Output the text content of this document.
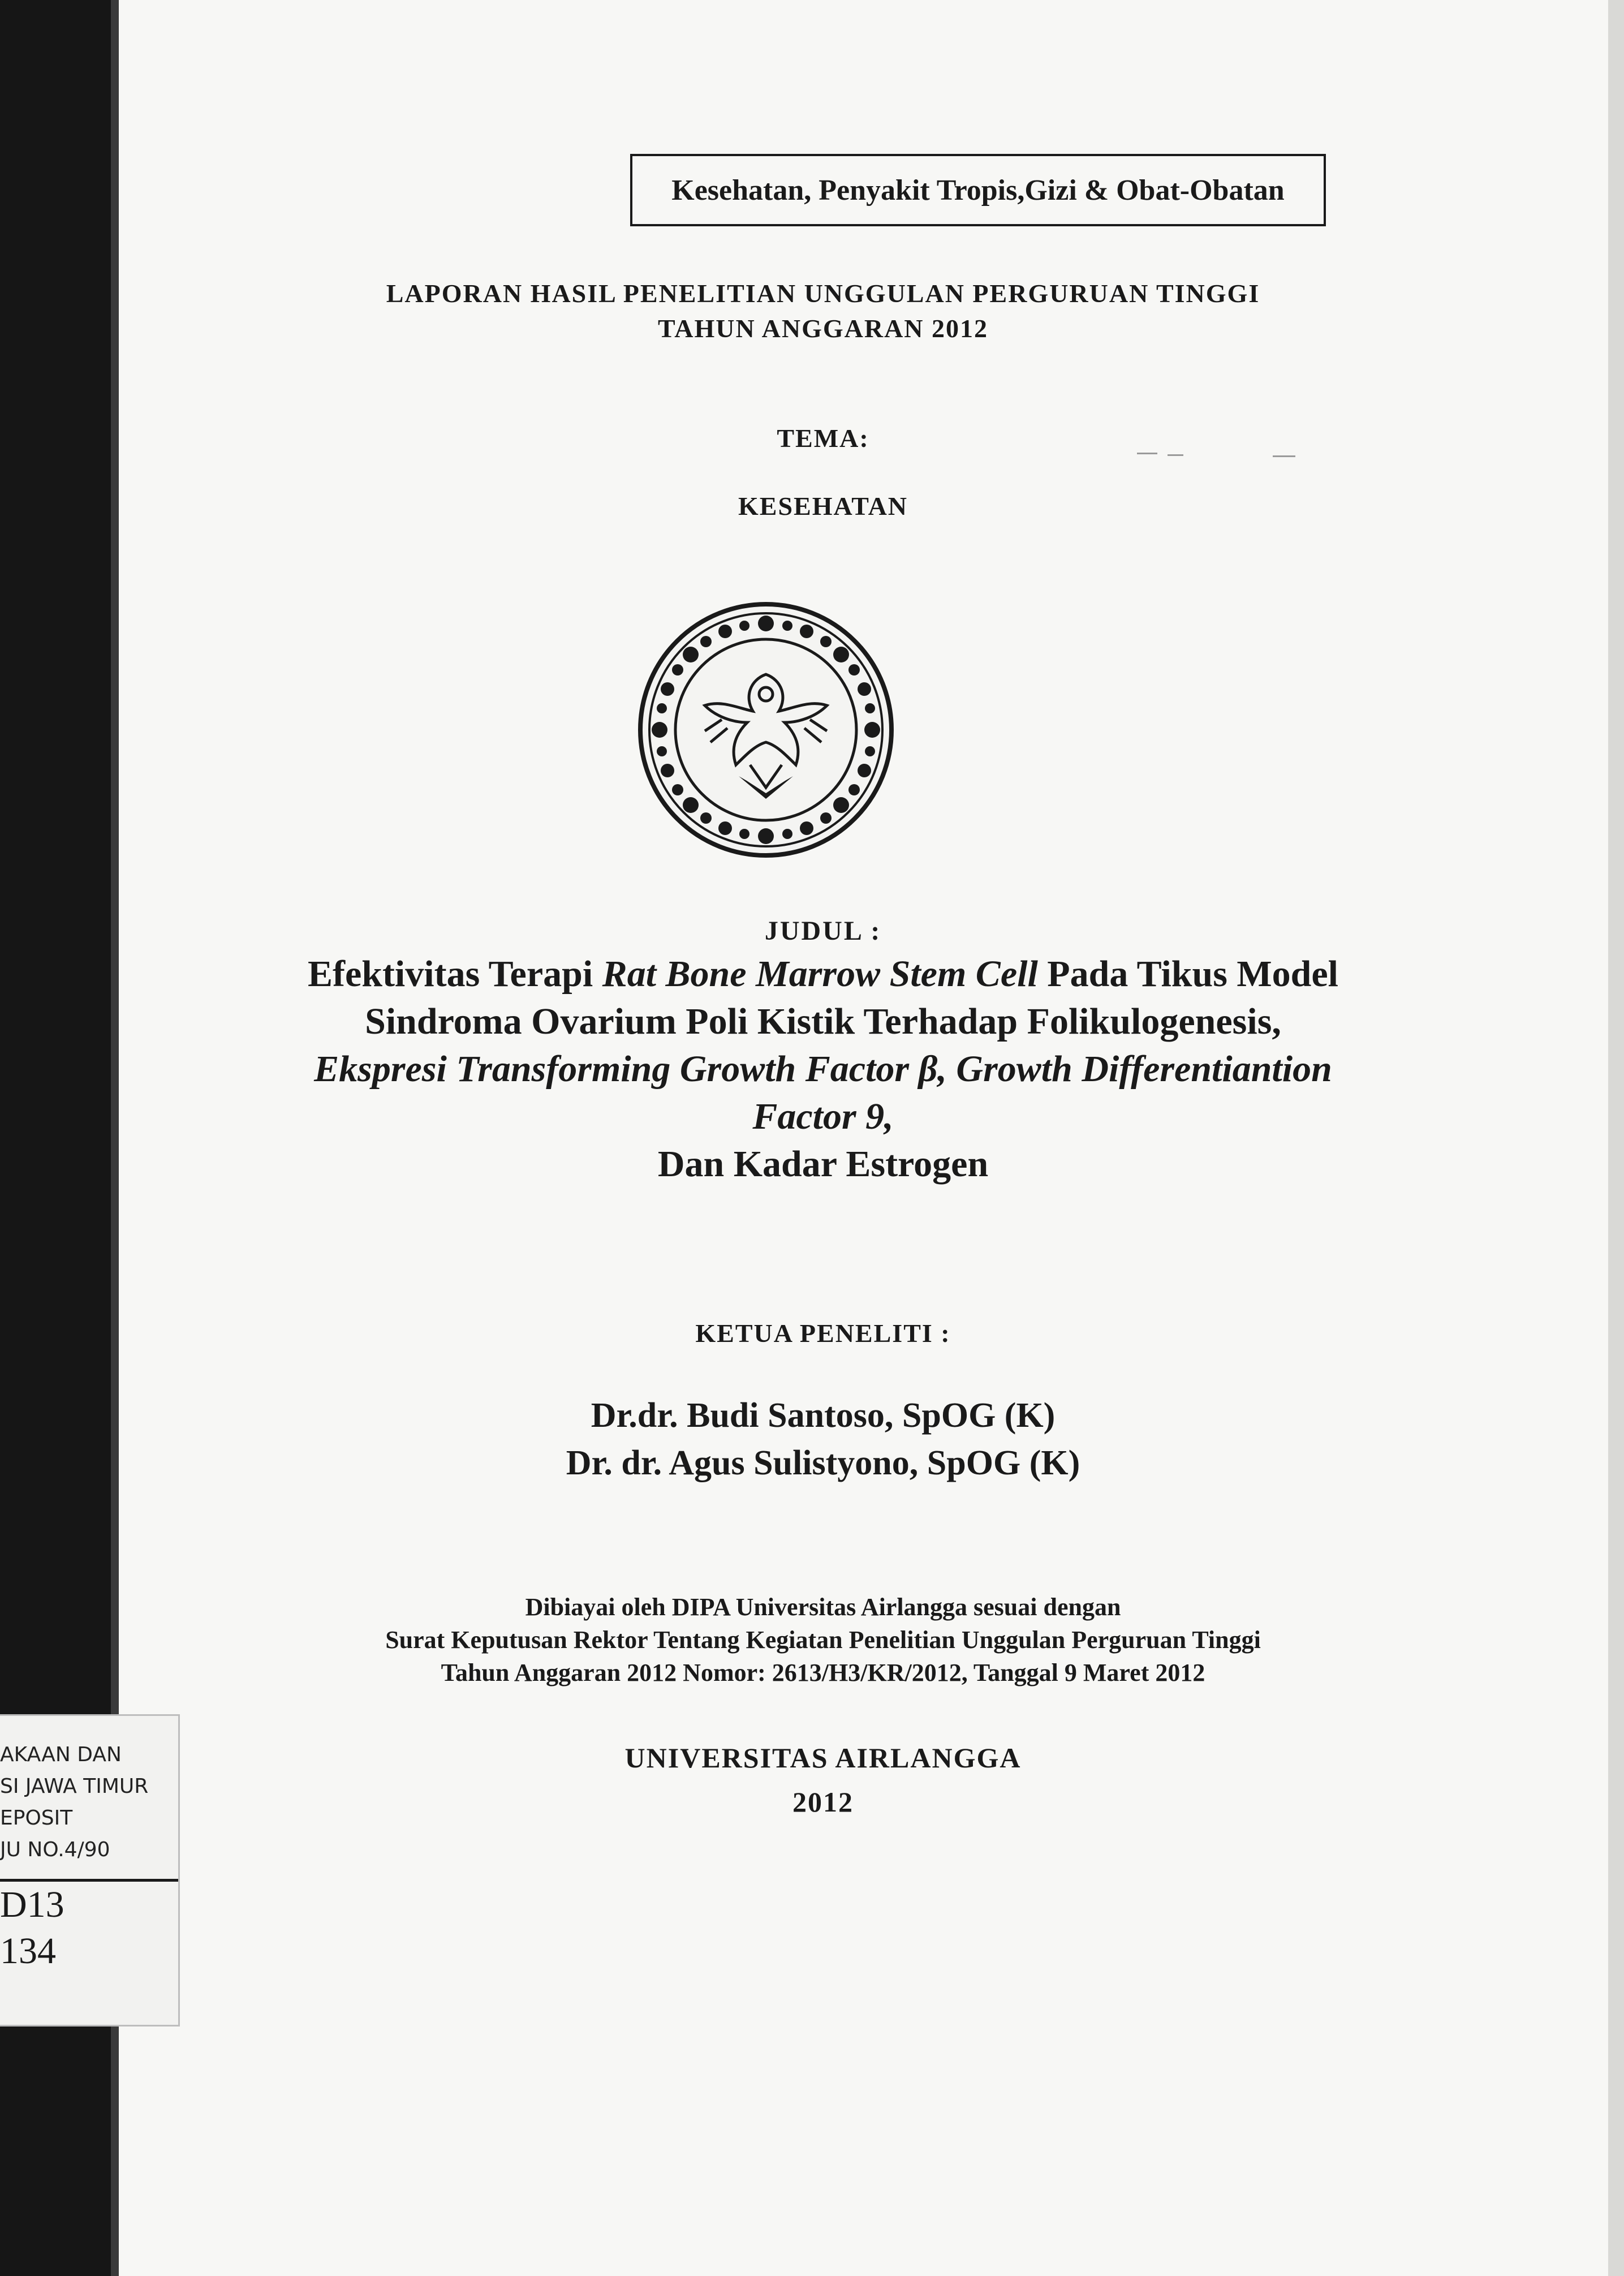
Kesehatan, Penyakit Tropis,Gizi & Obat-Obatan
LAPORAN HASIL PENELITIAN UNGGULAN PERGURUAN TINGGI
TAHUN ANGGARAN 2012
TEMA:
KESEHATAN
JUDUL :
Efektivitas Terapi Rat Bone Marrow Stem Cell Pada Tikus Model
Sindroma Ovarium Poli Kistik Terhadap Folikulogenesis,
Ekspresi Transforming Growth Factor β, Growth Differentiantion
Factor 9,
Dan Kadar Estrogen
KETUA PENELITI :
Dr.dr. Budi Santoso, SpOG (K)
Dr. dr. Agus Sulistyono, SpOG (K)
Dibiayai oleh DIPA Universitas Airlangga sesuai dengan
Surat Keputusan Rektor Tentang Kegiatan Penelitian Unggulan Perguruan Tinggi
Tahun Anggaran 2012 Nomor: 2613/H3/KR/2012, Tanggal 9 Maret 2012
UNIVERSITAS AIRLANGGA
2012
AKAAN DAN
SI JAWA TIMUR
EPOSIT
JU NO.4/90
D13
134
